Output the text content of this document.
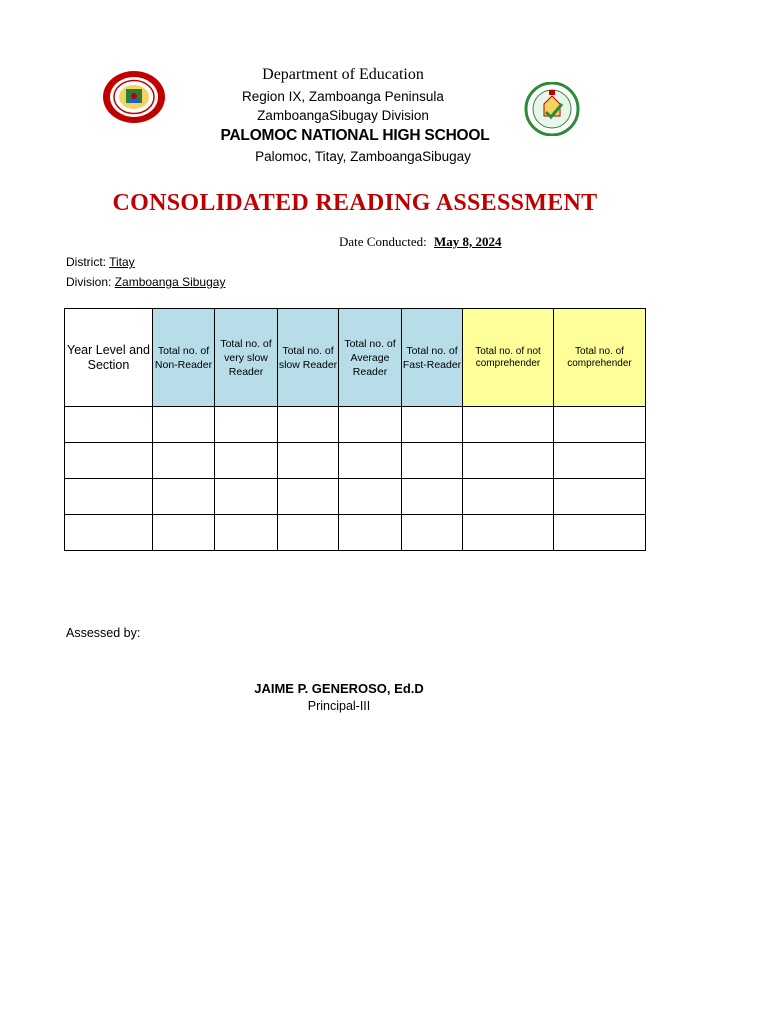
Department of Education
Region IX, Zamboanga Peninsula
ZamboangaSibugay Division
PALOMOC NATIONAL HIGH SCHOOL
Palomoc, Titay, ZamboangaSibugay
CONSOLIDATED READING ASSESSMENT
Date Conducted: May 8, 2024
District: Titay
Division: Zamboanga Sibugay
Year Level and Section	Total no. of Non-Reader	Total no. of very slow Reader	Total no. of slow Reader	Total no. of Average Reader	Total no. of Fast-Reader	Total no. of not comprehender	Total no. of comprehender

Assessed by:
JAIME P. GENEROSO, Ed.D
Principal-III
